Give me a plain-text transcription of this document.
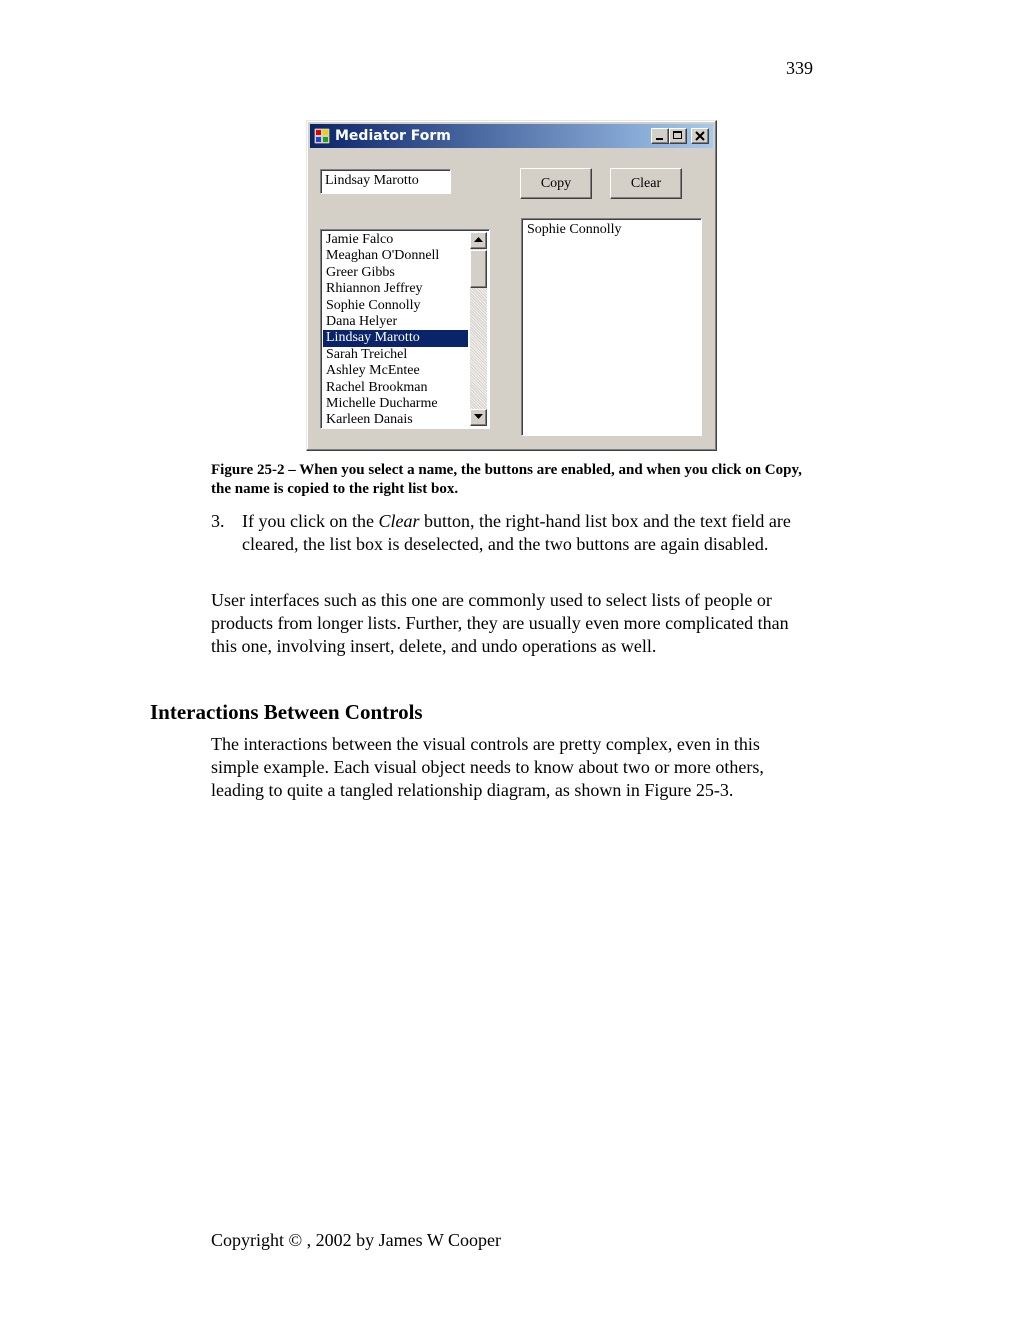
339
Mediator Form
Lindsay Marotto	Copy	Clear
Jamie Falco
Meaghan O'Donnell
Greer Gibbs
Rhiannon Jeffrey
Sophie Connolly
Dana Helyer
Lindsay Marotto
Sarah Treichel
Ashley McEntee
Rachel Brookman
Michelle Ducharme
Karleen Danais
Sophie Connolly
Figure 25-2 – When you select a name, the buttons are enabled, and when you click on Copy, the name is copied to the right list box.
3. If you click on the Clear button, the right-hand list box and the text field are cleared, the list box is deselected, and the two buttons are again disabled.
User interfaces such as this one are commonly used to select lists of people or products from longer lists. Further, they are usually even more complicated than this one, involving insert, delete, and undo operations as well.
Interactions Between Controls
The interactions between the visual controls are pretty complex, even in this simple example. Each visual object needs to know about two or more others, leading to quite a tangled relationship diagram, as shown in Figure 25-3.
Copyright © , 2002 by James W Cooper
